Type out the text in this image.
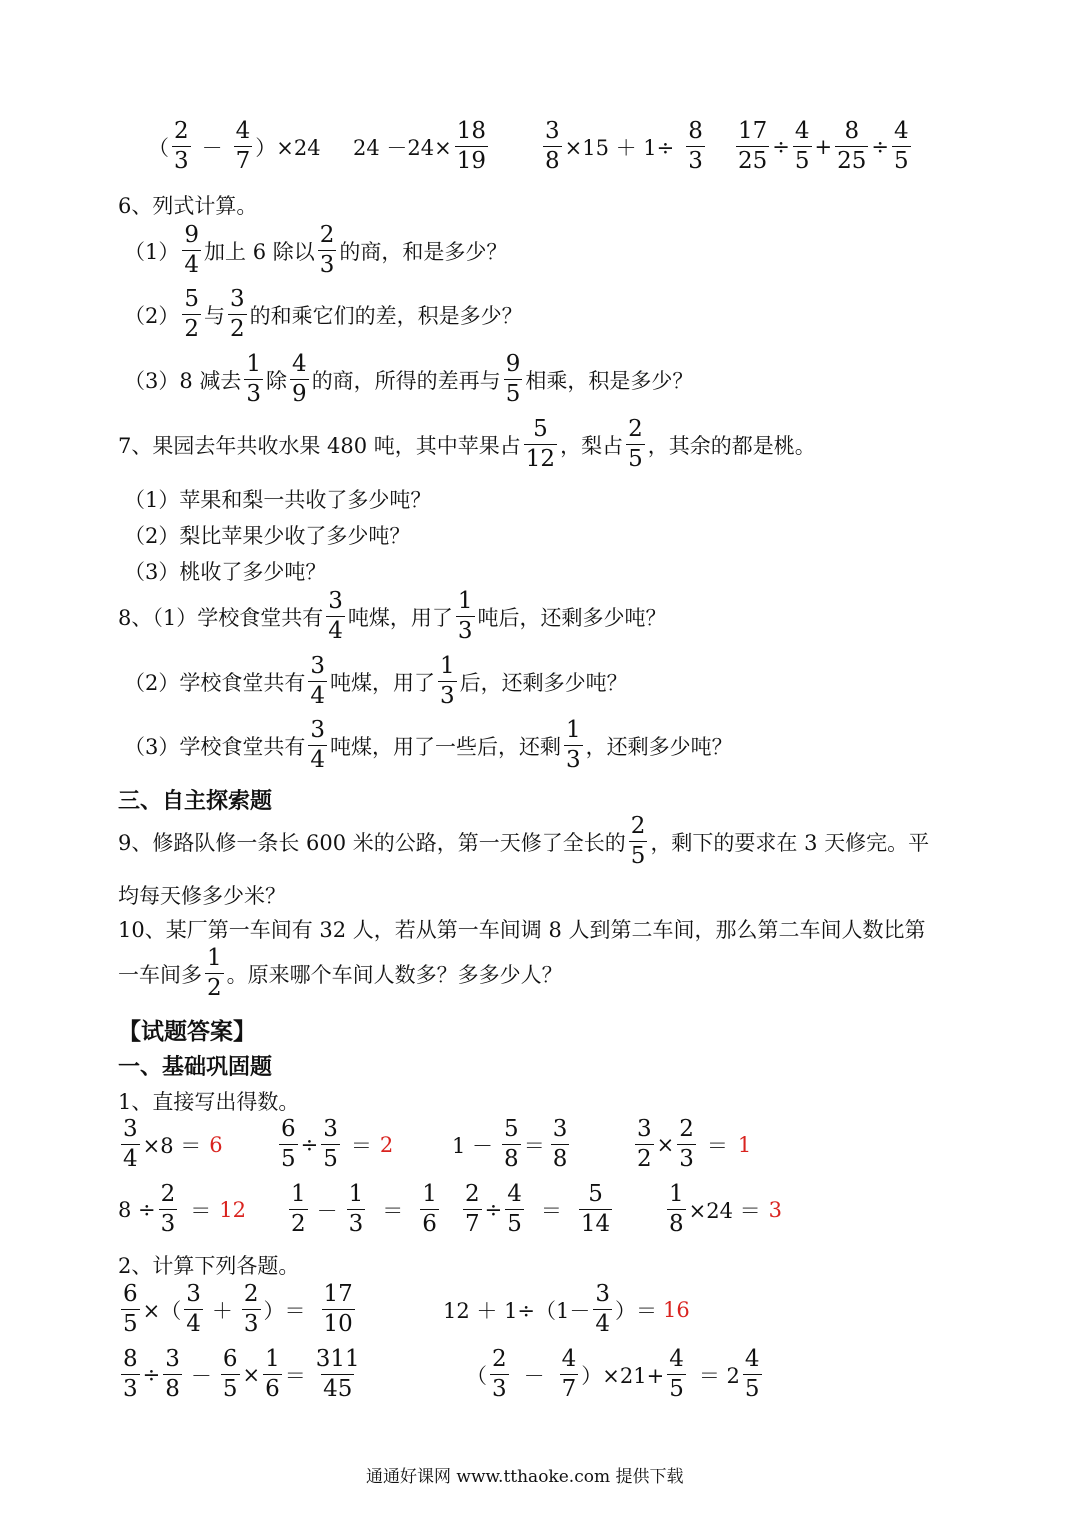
（ $\frac{2}{3} - \frac{4}{7} )\times 24$ $24 -24\times \frac{18}{19} \frac{3}{8} \times 15 + 1\div \frac{8}{3} \frac{17}{25} \div \frac{4}{5} + \frac{8}{25} \div \frac{4}{5}$
6、列式计算。
$(1) \frac{9}{4}$ 加上 6 除以 $\frac{2}{3}$ 的商，和是多少？
$(2) \frac{5}{2}$ 与 $\frac{3}{2}$ 的和乘它们的差，积是多少？
（3）8 减去 $\frac{1}{3}$ 除 $\frac{4}{9}$ 的商，所得的差再与 $\frac{9}{5}$ 相乘，积是多少？
7、果园去年共收水果 480 吨，其中苹果占 $\frac{5}{12}$ ，梨占 $\frac{2}{5}$ ，其余的都是桃。
（1）苹果和梨一共收了多少吨？
（2）梨比苹果少收了多少吨？
（3）桃收了多少吨？
8、（1）学校食堂共有 $\frac{3}{4}$ 吨煤，用了 $\frac{1}{3}$ 吨后，还剩多少吨？
（2）学校食堂共有 $\frac{3}{4}$ 吨煤，用了 $\frac{1}{3}$ 后，还剩多少吨？
（3）学校食堂共有 $\frac{3}{4}$ 吨煤，用了一些后，还剩 $\frac{1}{3}$ ，还剩多少吨？
三、自主探索题
9、修路队修一条长 600 米的公路，第一天修了全长的 $\frac{2}{5}$ ，剩下的要求在 3 天修完。平
均每天修多少米？
10、某厂第一车间有 32 人，若从第一车间调 8 人到第二车间，那么第二车间人数比第
一车间多 $\frac{1}{2}$ 。原来哪个车间人数多？多多少人？
【试题答案】
一、基础巩固题
1、直接写出得数。
$\frac{3}{4} \times 8 = 6 \frac{6}{5} \div \frac{3}{5} = 2$	$1 - \frac{5}{8} = \frac{3}{8}$	$\frac{3}{2} \times \frac{2}{3} = 1$
$8 \div \frac{2}{3} = 12 \frac{1}{2} - \frac{1}{3} = \frac{1}{6} \frac{2}{7} \div \frac{4}{5} = \frac{5}{14} \frac{1}{8} \times 24 = 3$
2、计算下列各题。
$\frac{6}{5}$ ×（ $\frac{3}{4} + \frac{2}{3}$ ）＝ $\frac{17}{10}$	$12 + 1\div(1- \frac{3}{4}$ ）＝ 16
$\frac{8}{3} \div \frac{3}{8} - \frac{6}{5} \times \frac{1}{6} = \frac{311}{45}$	（ $\frac{2}{3} - \frac{4}{7} )\times 21+ \frac{4}{5} = 2 \frac{4}{5}$
通通好课网 www.tthaoke.com 提供下载
